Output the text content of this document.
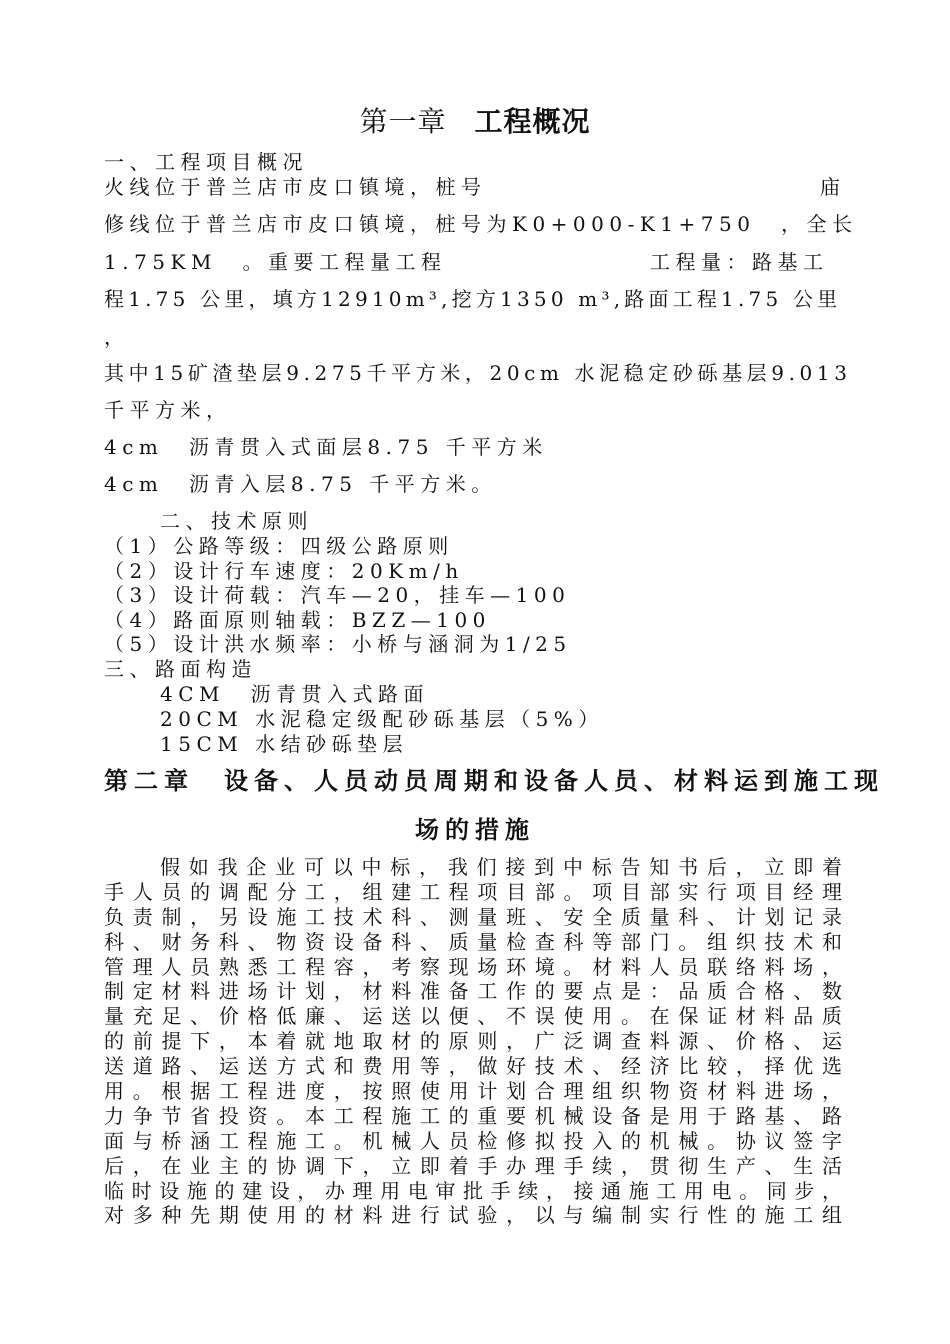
第一章 工程概况
一、工程项目概况
火线位于普兰店市皮口镇境，桩号	庙
修线位于普兰店市皮口镇境，桩号为K0+000-K1+750　，全长
1.75KM　。重要工程量工程	工程量：路基工
程1.75 公里，填方12910m³,挖方1350 m³,路面工程1.75 公里
，
其中15矿渣垫层9.275千平方米，20cm 水泥稳定砂砾基层9.013
千平方米，
4cm　沥青贯入式面层8.75 千平方米
4cm　沥青入层8.75 千平方米。
二、技术原则
（1）公路等级：四级公路原则
（2）设计行车速度：20Km/h
（3）设计荷载：汽车—20，挂车—100
（4）路面原则轴载：BZZ—100
（5）设计洪水频率：小桥与涵洞为1/25
三、路面构造
4CM　沥青贯入式路面
20CM 水泥稳定级配砂砾基层（5%）
15CM 水结砂砾垫层
第二章　设备、人员动员周期和设备人员、材料运到施工现
场的措施
假如我企业可以中标，我们接到中标告知书后，立即着
手人员的调配分工，组建工程项目部。项目部实行项目经理
负责制，另设施工技术科、测量班、安全质量科、计划记录
科、财务科、物资设备科、质量检查科等部门。组织技术和
管理人员熟悉工程容，考察现场环境。材料人员联络料场，
制定材料进场计划，材料准备工作的要点是：品质合格、数
量充足、价格低廉、运送以便、不误使用。在保证材料品质
的前提下，本着就地取材的原则，广泛调查料源、价格、运
送道路、运送方式和费用等，做好技术、经济比较，择优选
用。根据工程进度，按照使用计划合理组织物资材料进场，
力争节省投资。本工程施工的重要机械设备是用于路基、路
面与桥涵工程施工。机械人员检修拟投入的机械。协议签字
后，在业主的协调下，立即着手办理手续，贯彻生产、生活
临时设施的建设，办理用电审批手续，接通施工用电。同步，
对多种先期使用的材料进行试验，以与编制实行性的施工组
